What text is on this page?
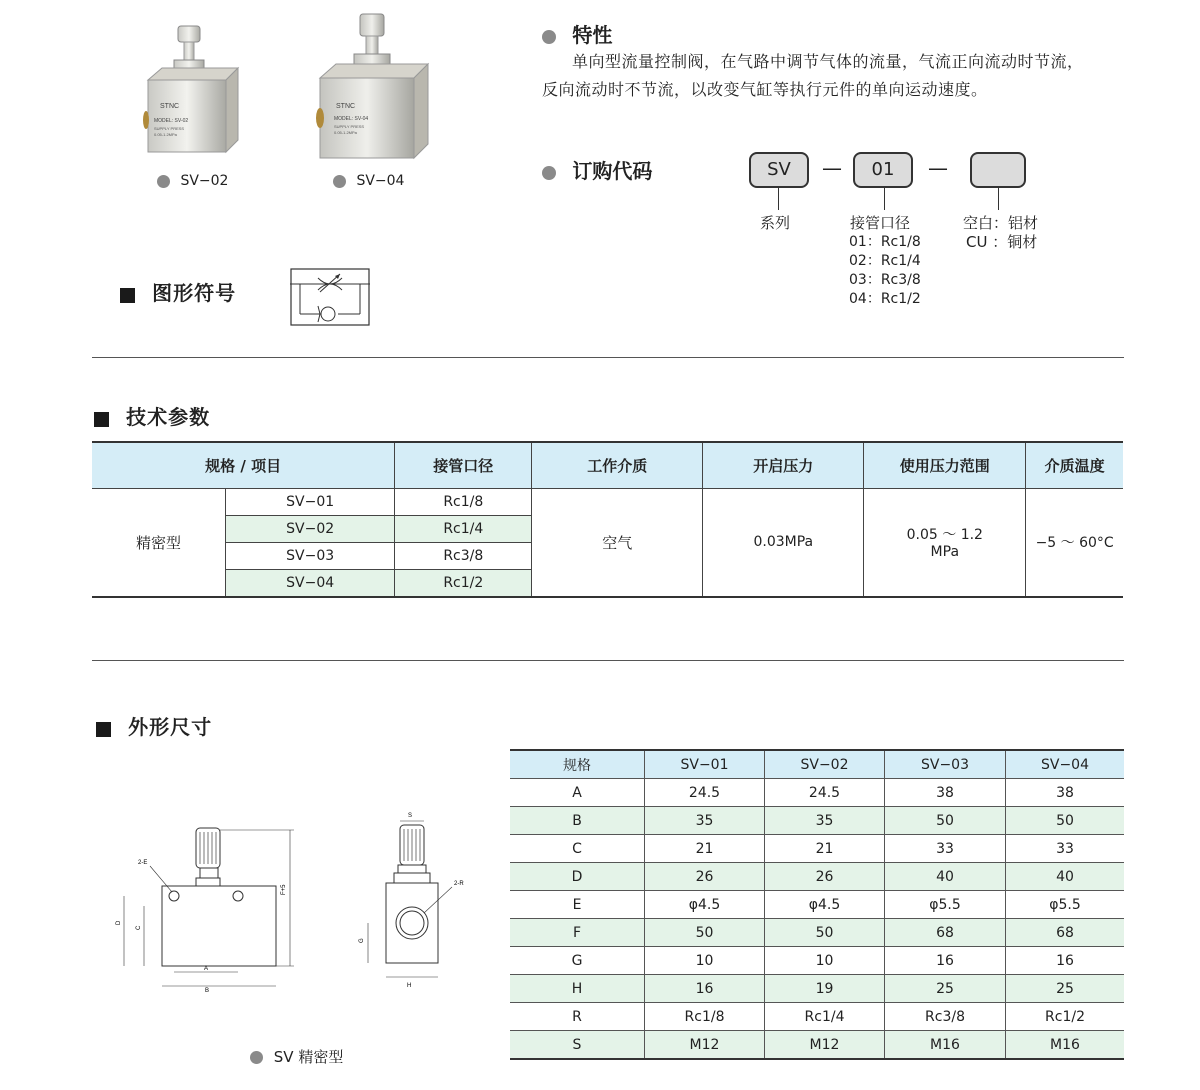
STNC
MODEL: SV-02
SUPPLY PRESS
0.05-1.2MPa
SV−02
STNC
MODEL: SV-04
SUPPLY PRESS
0.05-1.2MPa
SV−04
图形符号
特性
单向型流量控制阀，在气路中调节气体的流量，气流正向流动时节流，
反向流动时不节流，以改变气缸等执行元件的单向运动速度。
订购代码	SV	—	01	—
系列	接管口径
01：Rc1/8
02：Rc1/4
03：Rc3/8
04：Rc1/2
空白：铝材
CU ：铜材
技术参数
规格 / 项目		接管口径	工作介质	开启压力	使用压力范围	介质温度
精密型	SV−01	Rc1/8	空气	0.03MPa	0.05 ～ 1.2
MPa	−5 ～ 60°C
	SV−02	Rc1/4				
	SV−03	Rc3/8				
	SV−04	Rc1/2				
外形尺寸
F+5
D
C
A
B
2-E
S
G
H
2-R
SV 精密型
规格	SV−01	SV−02	SV−03	SV−04
A	24.5	24.5	38	38
B	35	35	50	50
C	21	21	33	33
D	26	26	40	40
E	φ4.5	φ4.5	φ5.5	φ5.5
F	50	50	68	68
G	10	10	16	16
H	16	19	25	25
R	Rc1/8	Rc1/4	Rc3/8	Rc1/2
S	M12	M12	M16	M16
